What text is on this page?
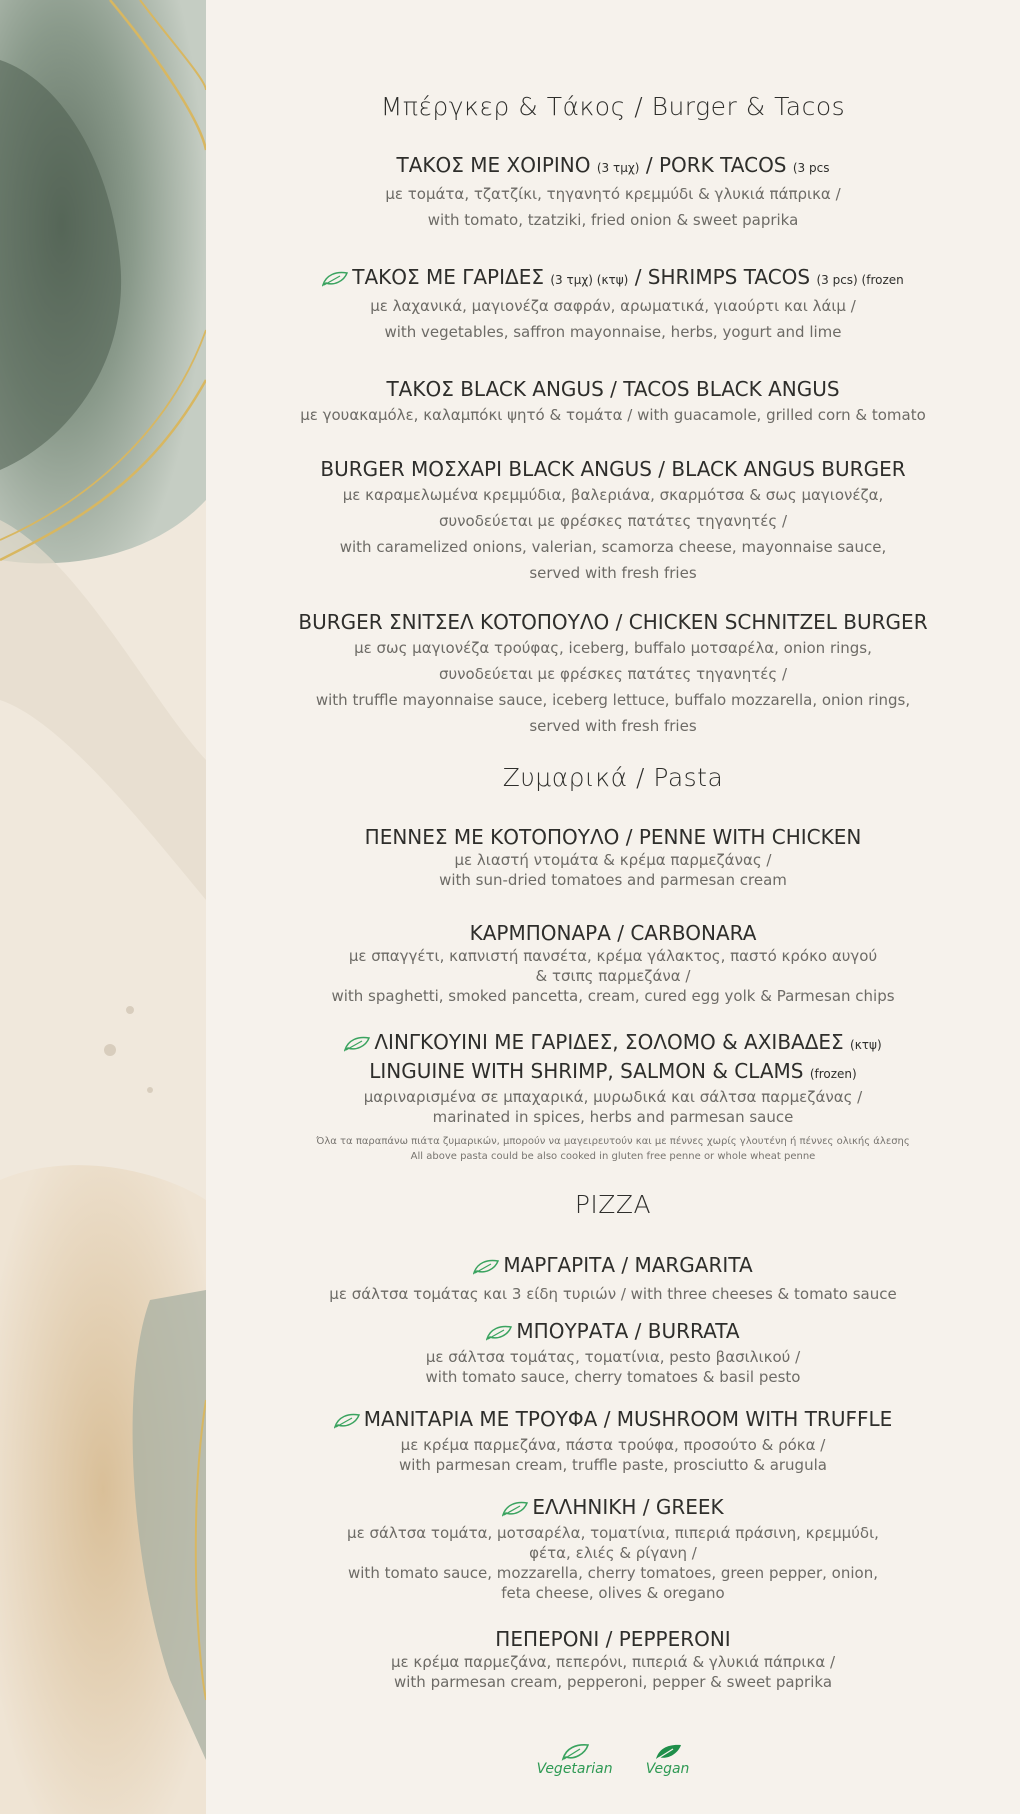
Μπέργκερ & Τάκος / Burger & Tacos
ΤΑΚΟΣ ΜΕ ΧΟΙΡΙΝΟ (3 τμχ) / PORK TACOS (3 pcs
με τομάτα, τζατζίκι, τηγανητό κρεμμύδι & γλυκιά πάπρικα /
with tomato, tzatziki, fried onion & sweet paprika
ΤΑΚΟΣ ΜΕ ΓΑΡΙΔΕΣ (3 τμχ) (κτψ) / SHRIMPS TACOS (3 pcs) (frozen
με λαχανικά, μαγιονέζα σαφράν, αρωματικά, γιαούρτι και λάιμ /
with vegetables, saffron mayonnaise, herbs, yogurt and lime
ΤΑΚΟΣ BLACK ANGUS / TACOS BLACK ANGUS
με γουακαμόλε, καλαμπόκι ψητό & τομάτα / with guacamole, grilled corn & tomato
BURGER ΜΟΣΧΑΡΙ BLACK ANGUS / BLACK ANGUS BURGER
με καραμελωμένα κρεμμύδια, βαλεριάνα, σκαρμότσα & σως μαγιονέζα,
συνοδεύεται με φρέσκες πατάτες τηγανητές /
with caramelized onions, valerian, scamorza cheese, mayonnaise sauce,
served with fresh fries
BURGER ΣΝΙΤΣΕΛ ΚΟΤΟΠΟΥΛΟ / CHICKEN SCHNITZEL BURGER
με σως μαγιονέζα τρούφας, iceberg, buffalo μοτσαρέλα, onion rings,
συνοδεύεται με φρέσκες πατάτες τηγανητές /
with truffle mayonnaise sauce, iceberg lettuce, buffalo mozzarella, onion rings,
served with fresh fries
Ζυμαρικά / Pasta
ΠΕΝΝΕΣ ΜΕ ΚΟΤΟΠΟΥΛΟ / PENNE WITH CHICKEN
με λιαστή ντομάτα & κρέμα παρμεζάνας /
with sun-dried tomatoes and parmesan cream
ΚΑΡΜΠΟΝΑΡΑ / CARBONARA
με σπαγγέτι, καπνιστή πανσέτα, κρέμα γάλακτος, παστό κρόκο αυγού
& τσιπς παρμεζάνα /
with spaghetti, smoked pancetta, cream, cured egg yolk & Parmesan chips
ΛΙΝΓΚΟΥΙΝΙ ΜΕ ΓΑΡΙΔΕΣ, ΣΟΛΟΜΟ & ΑΧΙΒΑΔΕΣ (κτψ)
LINGUINE WITH SHRIMP, SALMON & CLAMS (frozen)
μαριναρισμένα σε μπαχαρικά, μυρωδικά και σάλτσα παρμεζάνας /
marinated in spices, herbs and parmesan sauce
Όλα τα παραπάνω πιάτα ζυμαρικών, μπορούν να μαγειρευτούν και με πέννες χωρίς γλουτένη ή πέννες ολικής άλεσης
All above pasta could be also cooked in gluten free penne or whole wheat penne
PIZZA
ΜΑΡΓΑΡΙΤΑ / MARGARITA
με σάλτσα τομάτας και 3 είδη τυριών / with three cheeses & tomato sauce
ΜΠΟΥΡΑΤΑ / BURRATA
με σάλτσα τομάτας, τοματίνια, pesto βασιλικού /
with tomato sauce, cherry tomatoes & basil pesto
ΜΑΝΙΤΑΡΙΑ ΜΕ ΤΡΟΥΦΑ / MUSHROOM WITH TRUFFLE
με κρέμα παρμεζάνα, πάστα τρούφα, προσούτο & ρόκα /
with parmesan cream, truffle paste, prosciutto & arugula
ΕΛΛΗΝΙΚΗ / GREEK
με σάλτσα τομάτα, μοτσαρέλα, τοματίνια, πιπεριά πράσινη, κρεμμύδι,
φέτα, ελιές & ρίγανη /
with tomato sauce, mozzarella, cherry tomatoes, green pepper, onion,
feta cheese, olives & oregano
ΠΕΠΕΡΟΝΙ / PEPPERONI
με κρέμα παρμεζάνα, πεπερόνι, πιπεριά & γλυκιά πάπρικα /
with parmesan cream, pepperoni, pepper & sweet paprika
Vegetarian Vegan
